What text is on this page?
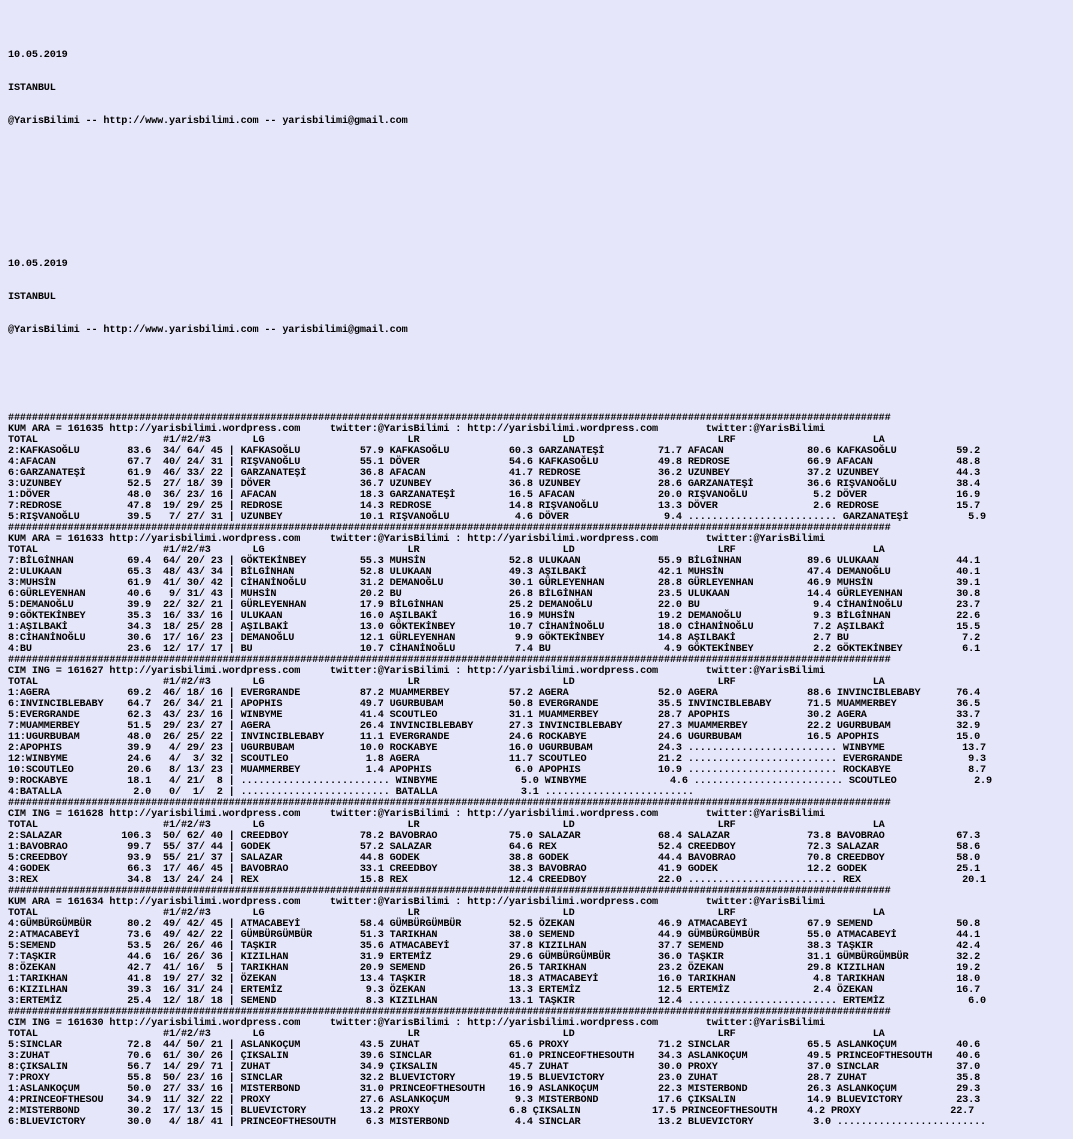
10.05.2019

ISTANBUL

@YarisBilimi -- http://www.yarisbilimi.com -- yarisbilimi@gmail.com

10.05.2019

ISTANBUL

@YarisBilimi -- http://www.yarisbilimi.com -- yarisbilimi@gmail.com

####################################################################################################################################################
KUM ARA = 161635 http://yarisbilimi.wordpress.com     twitter:@YarisBilimi : http://yarisbilimi.wordpress.com        twitter:@YarisBilimi
TOTAL                     #1/#2/#3       LG                        LR                        LD                        LRF                       LA
2:KAFKASOĞLU        83.6  34/ 64/ 45 | KAFKASOĞLU          57.9 KAFKASOĞLU          60.3 GARZANATEŞİ         71.7 AFACAN              80.6 KAFKASOĞLU          59.2
4:AFACAN            67.7  40/ 24/ 31 | RIŞVANOĞLU          55.1 DÖVER               54.6 KAFKASOĞLU          49.8 REDROSE             66.9 AFACAN              48.8
6:GARZANATEŞİ       61.9  46/ 33/ 22 | GARZANATEŞİ         36.8 AFACAN              41.7 REDROSE             36.2 UZUNBEY             37.2 UZUNBEY             44.3
3:UZUNBEY           52.5  27/ 18/ 39 | DÖVER               36.7 UZUNBEY             36.8 UZUNBEY             28.6 GARZANATEŞİ         36.6 RIŞVANOĞLU          38.4
1:DÖVER             48.0  36/ 23/ 16 | AFACAN              18.3 GARZANATEŞİ         16.5 AFACAN              20.0 RIŞVANOĞLU           5.2 DÖVER               16.9
7:REDROSE           47.8  19/ 29/ 25 | REDROSE             14.3 REDROSE             14.8 RIŞVANOĞLU          13.3 DÖVER                2.6 REDROSE             15.7
5:RIŞVANOĞLU        39.5   7/ 27/ 31 | UZUNBEY             10.1 RIŞVANOĞLU           4.6 DÖVER                9.4 ......................... GARZANATEŞİ          5.9
####################################################################################################################################################
KUM ARA = 161633 http://yarisbilimi.wordpress.com     twitter:@YarisBilimi : http://yarisbilimi.wordpress.com        twitter:@YarisBilimi
TOTAL                     #1/#2/#3       LG                        LR                        LD                        LRF                       LA
7:BİLGİNHAN         69.4  64/ 20/ 23 | GÖKTEKİNBEY         55.3 MUHSİN              52.8 ULUKAAN             55.9 BİLGİNHAN           89.6 ULUKAAN             44.1
2:ULUKAAN           65.3  48/ 43/ 34 | BİLGİNHAN           52.8 ULUKAAN             49.3 AŞILBAKİ            42.1 MUHSİN              47.4 DEMANOĞLU           40.1
3:MUHSİN            61.9  41/ 30/ 42 | CİHANİNOĞLU         31.2 DEMANOĞLU           30.1 GÜRLEYENHAN         28.8 GÜRLEYENHAN         46.9 MUHSİN              39.1
6:GÜRLEYENHAN       40.6   9/ 31/ 43 | MUHSİN              20.2 BU                  26.8 BİLGİNHAN           23.5 ULUKAAN             14.4 GÜRLEYENHAN         30.8
5:DEMANOĞLU         39.9  22/ 32/ 21 | GÜRLEYENHAN         17.9 BİLGİNHAN           25.2 DEMANOĞLU           22.0 BU                   9.4 CİHANİNOĞLU         23.7
9:GÖKTEKİNBEY       35.3  16/ 33/ 16 | ULUKAAN             16.0 AŞILBAKİ            16.9 MUHSİN              19.2 DEMANOĞLU            9.3 BİLGİNHAN           22.6
1:AŞILBAKİ          34.3  18/ 25/ 28 | AŞILBAKİ            13.0 GÖKTEKİNBEY         10.7 CİHANİNOĞLU         18.0 CİHANİNOĞLU          7.2 AŞILBAKİ            15.5
8:CİHANİNOĞLU       30.6  17/ 16/ 23 | DEMANOĞLU           12.1 GÜRLEYENHAN          9.9 GÖKTEKİNBEY         14.8 AŞILBAKİ             2.7 BU                   7.2
4:BU                23.6  12/ 17/ 17 | BU                  10.7 CİHANİNOĞLU          7.4 BU                   4.9 GÖKTEKİNBEY          2.2 GÖKTEKİNBEY          6.1
####################################################################################################################################################
CIM ING = 161627 http://yarisbilimi.wordpress.com     twitter:@YarisBilimi : http://yarisbilimi.wordpress.com        twitter:@YarisBilimi
TOTAL                     #1/#2/#3       LG                        LR                        LD                        LRF                       LA
1:AGERA             69.2  46/ 18/ 16 | EVERGRANDE          87.2 MUAMMERBEY          57.2 AGERA               52.0 AGERA               88.6 INVINCIBLEBABY      76.4
6:INVINCIBLEBABY    64.7  26/ 34/ 21 | APOPHIS             49.7 UGURBUBAM           50.8 EVERGRANDE          35.5 INVINCIBLEBABY      71.5 MUAMMERBEY          36.5
5:EVERGRANDE        62.3  43/ 23/ 16 | WINBYME             41.4 SCOUTLEO            31.1 MUAMMERBEY          28.7 APOPHIS             30.2 AGERA               33.7
7:MUAMMERBEY        51.5  29/ 23/ 27 | AGERA               26.4 INVINCIBLEBABY      27.3 INVINCIBLEBABY      27.3 MUAMMERBEY          22.2 UGURBUBAM           32.9
11:UGURBUBAM        48.0  26/ 25/ 22 | INVINCIBLEBABY      11.1 EVERGRANDE          24.6 ROCKABYE            24.6 UGURBUBAM           16.5 APOPHIS             15.0
2:APOPHIS           39.9   4/ 29/ 23 | UGURBUBAM           10.0 ROCKABYE            16.0 UGURBUBAM           24.3 ......................... WINBYME             13.7
12:WINBYME          24.6   4/  3/ 32 | SCOUTLEO             1.8 AGERA               11.7 SCOUTLEO            21.2 ......................... EVERGRANDE           9.3
10:SCOUTLEO         20.6   8/ 13/ 23 | MUAMMERBEY           1.4 APOPHIS              6.0 APOPHIS             10.9 ......................... ROCKABYE             8.7
9:ROCKABYE          18.1   4/ 21/  8 | ......................... WINBYME              5.0 WINBYME              4.6 ......................... SCOUTLEO             2.9
4:BATALLA            2.0   0/  1/  2 | ......................... BATALLA              3.1 .........................
####################################################################################################################################################
CIM ING = 161628 http://yarisbilimi.wordpress.com     twitter:@YarisBilimi : http://yarisbilimi.wordpress.com        twitter:@YarisBilimi
TOTAL                     #1/#2/#3       LG                        LR                        LD                        LRF                       LA
2:SALAZAR          106.3  50/ 62/ 40 | CREEDBOY            78.2 BAVOBRAO            75.0 SALAZAR             68.4 SALAZAR             73.8 BAVOBRAO            67.3
1:BAVOBRAO          99.7  55/ 37/ 44 | GODEK               57.2 SALAZAR             64.6 REX                 52.4 CREEDBOY            72.3 SALAZAR             58.6
5:CREEDBOY          93.9  55/ 21/ 37 | SALAZAR             44.8 GODEK               38.8 GODEK               44.4 BAVOBRAO            70.8 CREEDBOY            58.0
4:GODEK             66.3  17/ 46/ 45 | BAVOBRAO            33.1 CREEDBOY            38.3 BAVOBRAO            41.9 GODEK               12.2 GODEK               25.1
3:REX               34.8  13/ 24/ 24 | REX                 15.8 REX                 12.4 CREEDBOY            22.0 ......................... REX                 20.1
####################################################################################################################################################
KUM ARA = 161634 http://yarisbilimi.wordpress.com     twitter:@YarisBilimi : http://yarisbilimi.wordpress.com        twitter:@YarisBilimi
TOTAL                     #1/#2/#3       LG                        LR                        LD                        LRF                       LA
4:GÜMBÜRGÜMBÜR      80.2  49/ 42/ 45 | ATMACABEYİ          58.4 GÜMBÜRGÜMBÜR        52.5 ÖZEKAN              46.9 ATMACABEYİ          67.9 SEMEND              50.8
2:ATMACABEYİ        73.6  49/ 42/ 22 | GÜMBÜRGÜMBÜR        51.3 TARIKHAN            38.0 SEMEND              44.9 GÜMBÜRGÜMBÜR        55.0 ATMACABEYİ          44.1
5:SEMEND            53.5  26/ 26/ 46 | TAŞKIR              35.6 ATMACABEYİ          37.8 KIZILHAN            37.7 SEMEND              38.3 TAŞKIR              42.4
7:TAŞKIR            44.6  16/ 26/ 36 | KIZILHAN            31.9 ERTEMİZ             29.6 GÜMBÜRGÜMBÜR        36.0 TAŞKIR              31.1 GÜMBÜRGÜMBÜR        32.2
8:ÖZEKAN            42.7  41/ 16/  5 | TARIKHAN            20.9 SEMEND              26.5 TARIKHAN            23.2 ÖZEKAN              29.8 KIZILHAN            19.2
1:TARIKHAN          41.8  19/ 27/ 32 | ÖZEKAN              13.4 TAŞKIR              18.3 ATMACABEYİ          16.0 TARIKHAN             4.8 TARIKHAN            18.0
6:KIZILHAN          39.3  16/ 31/ 24 | ERTEMİZ              9.3 ÖZEKAN              13.3 ERTEMİZ             12.5 ERTEMİZ              2.4 ÖZEKAN              16.7
3:ERTEMİZ           25.4  12/ 18/ 18 | SEMEND               8.3 KIZILHAN            13.1 TAŞKIR              12.4 ......................... ERTEMİZ              6.0
####################################################################################################################################################
CIM ING = 161630 http://yarisbilimi.wordpress.com     twitter:@YarisBilimi : http://yarisbilimi.wordpress.com        twitter:@YarisBilimi
TOTAL                     #1/#2/#3       LG                        LR                        LD                        LRF                       LA
5:SINCLAR           72.8  44/ 50/ 21 | ASLANKOÇUM          43.5 ZUHAT               65.6 PROXY               71.2 SINCLAR             65.5 ASLANKOÇUM          40.6
3:ZUHAT             70.6  61/ 30/ 26 | ÇIKSALIN            39.6 SINCLAR             61.0 PRINCEOFTHESOUTH    34.3 ASLANKOÇUM          49.5 PRINCEOFTHESOUTH    40.6
8:ÇIKSALIN          56.7  14/ 29/ 71 | ZUHAT               34.9 ÇIKSALIN            45.7 ZUHAT               30.0 PROXY               37.0 SINCLAR             37.0
7:PROXY             55.8  50/ 23/ 16 | SINCLAR             32.2 BLUEVICTORY         19.5 BLUEVICTORY         23.0 ZUHAT               28.7 ZUHAT               35.8
1:ASLANKOÇUM        50.0  27/ 33/ 16 | MISTERBOND          31.0 PRINCEOFTHESOUTH    16.9 ASLANKOÇUM          22.3 MISTERBOND          26.3 ASLANKOÇUM          29.3
4:PRINCEOFTHESOU    34.9  11/ 32/ 22 | PROXY               27.6 ASLANKOÇUM           9.3 MISTERBOND          17.6 ÇIKSALIN            14.9 BLUEVICTORY         23.3
2:MISTERBOND        30.2  17/ 13/ 15 | BLUEVICTORY         13.2 PROXY               6.8 ÇIKSALIN            17.5 PRINCEOFTHESOUTH     4.2 PROXY               22.7
6:BLUEVICTORY       30.0   4/ 18/ 41 | PRINCEOFTHESOUTH     6.3 MISTERBOND           4.4 SINCLAR             13.2 BLUEVICTORY          3.0 .........................
